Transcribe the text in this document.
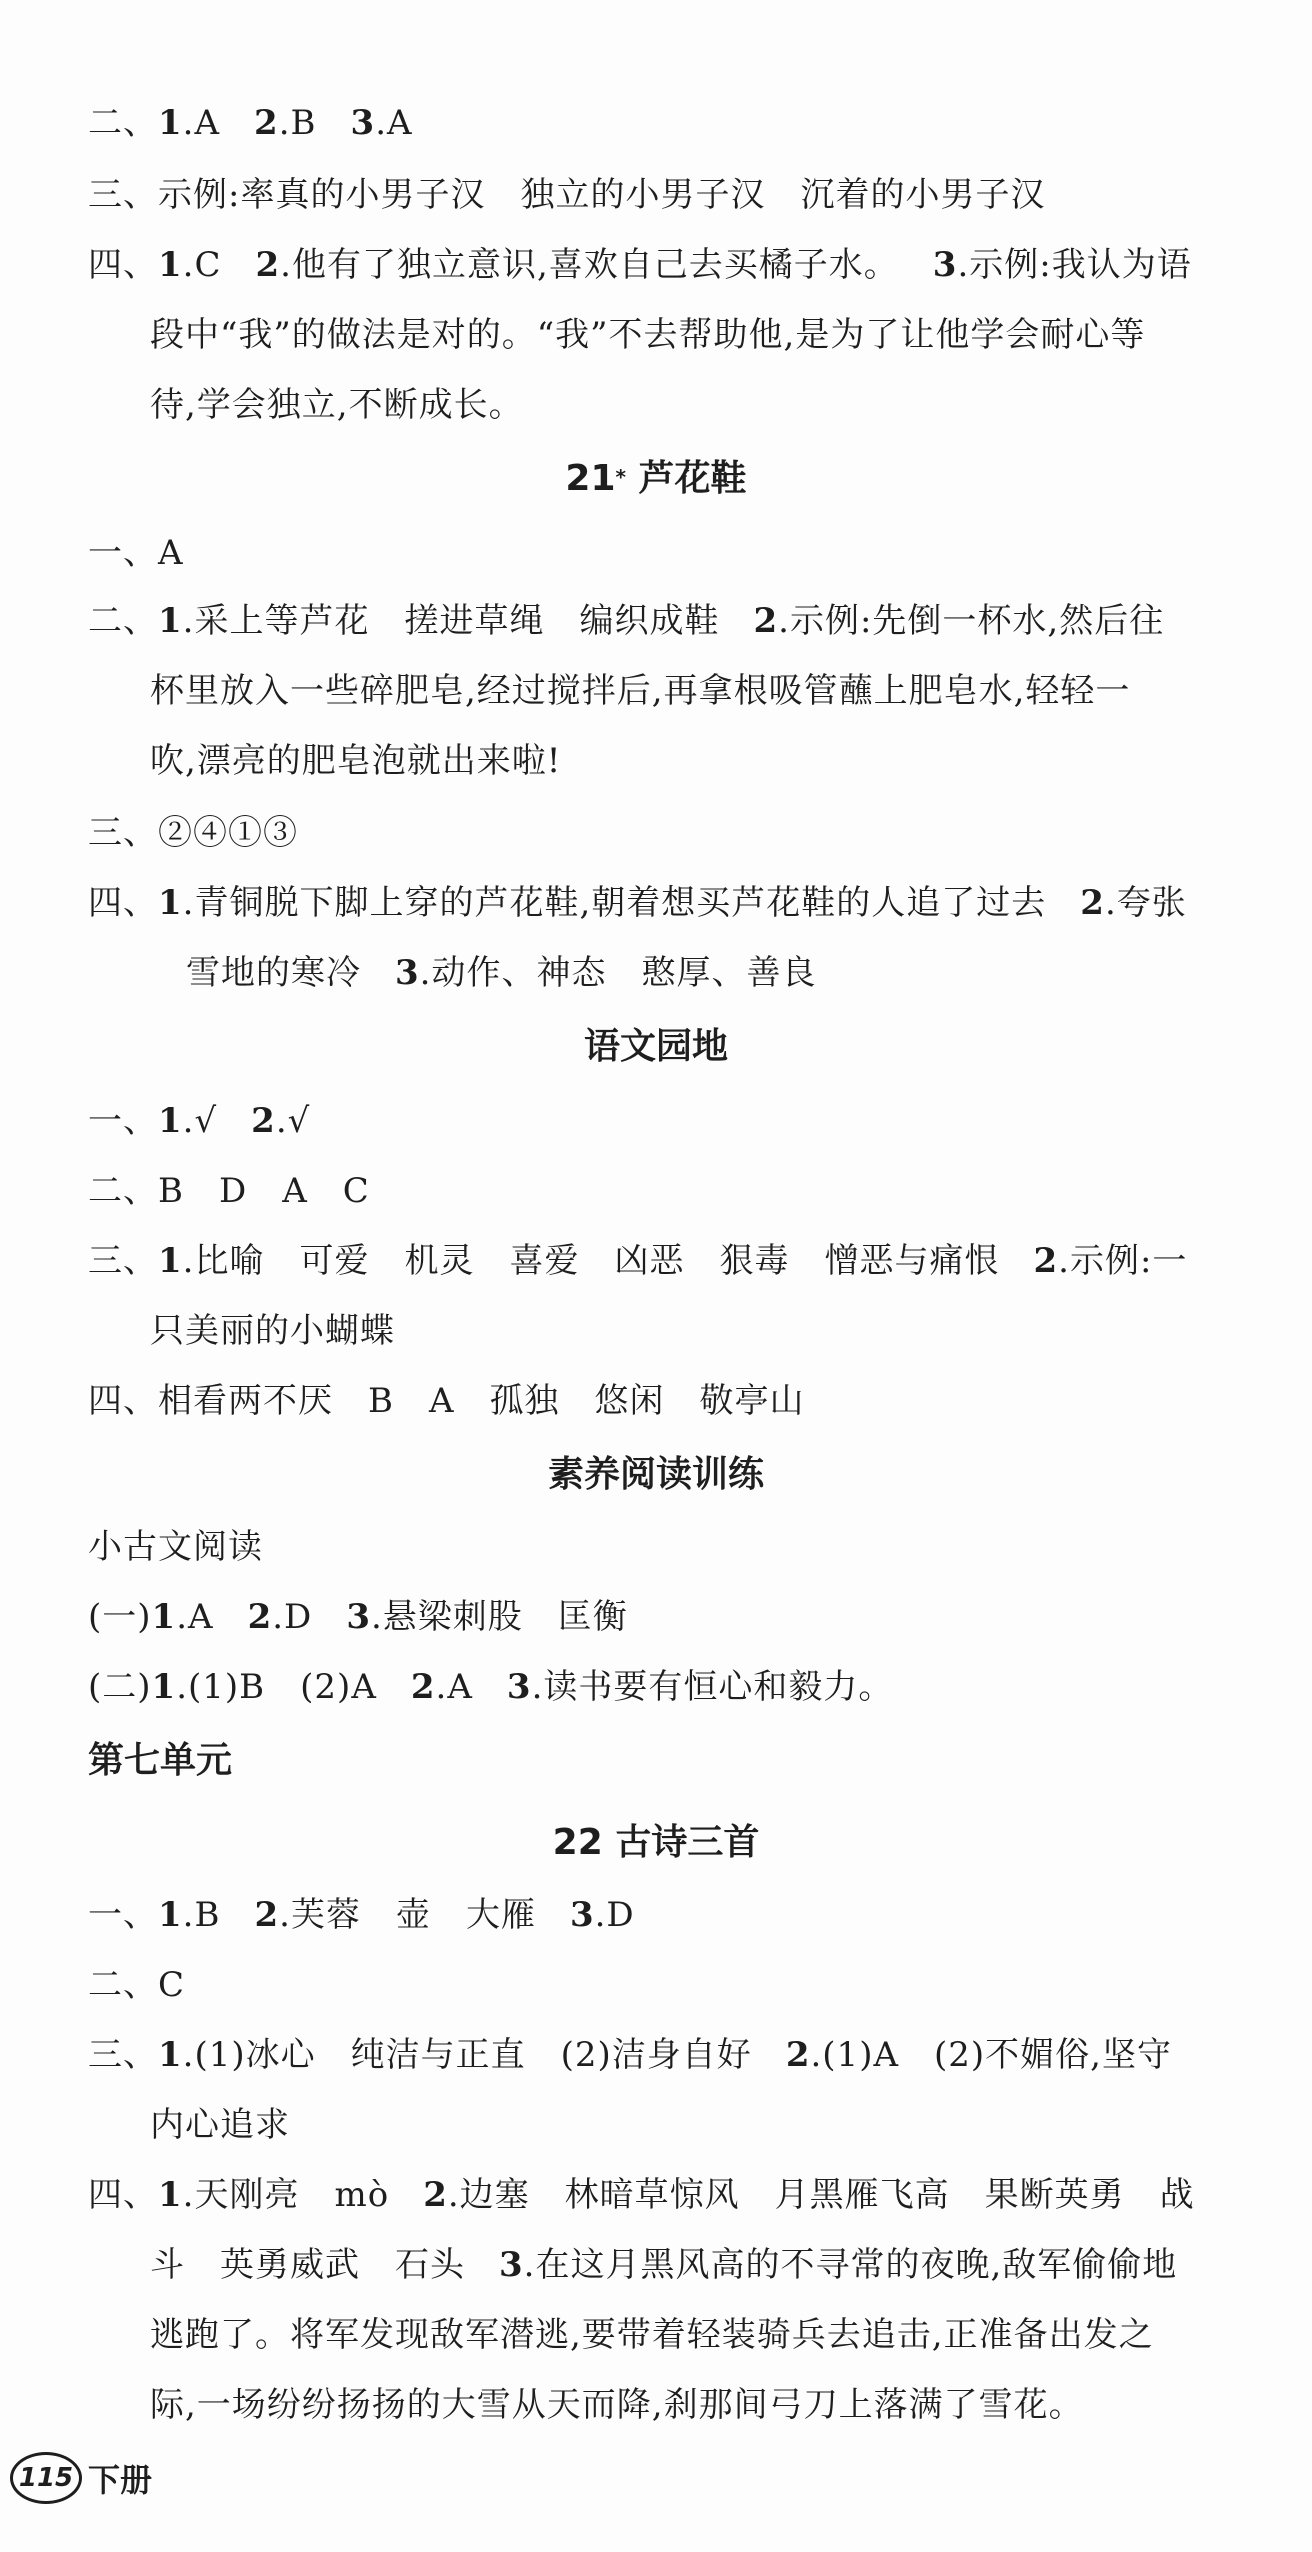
二、1.A 2.B 3.A
三、示例:率真的小男子汉　独立的小男子汉　沉着的小男子汉
四、1.C 2.他有了独立意识,喜欢自己去买橘子水。 3.示例:我认为语
段中“我”的做法是对的。“我”不去帮助他,是为了让他学会耐心等
待,学会独立,不断成长。
21* 芦花鞋
一、A
二、1.采上等芦花　搓进草绳　编织成鞋 2.示例:先倒一杯水,然后往
杯里放入一些碎肥皂,经过搅拌后,再拿根吸管蘸上肥皂水,轻轻一
吹,漂亮的肥皂泡就出来啦!
三、②④①③
四、1.青铜脱下脚上穿的芦花鞋,朝着想买芦花鞋的人追了过去 2.夸张
雪地的寒冷 3.动作、神态　憨厚、善良
语文园地
一、1.√ 2.√
二、B　D　A　C
三、1.比喻　可爱　机灵　喜爱　凶恶　狠毒　憎恶与痛恨 2.示例:一
只美丽的小蝴蝶
四、相看两不厌　B　A　孤独　悠闲　敬亭山
素养阅读训练
小古文阅读
(一)1.A 2.D 3.悬梁刺股　匡衡
(二)1.(1)B　(2)A 2.A 3.读书要有恒心和毅力。
第七单元
22 古诗三首
一、1.B 2.芙蓉　壶　大雁 3.D
二、C
三、1.(1)冰心　纯洁与正直　(2)洁身自好 2.(1)A　(2)不媚俗,坚守
内心追求
四、1.天刚亮　mò 2.边塞　林暗草惊风　月黑雁飞高　果断英勇　战
斗　英勇威武　石头 3.在这月黑风高的不寻常的夜晚,敌军偷偷地
逃跑了。将军发现敌军潜逃,要带着轻装骑兵去追击,正准备出发之
际,一场纷纷扬扬的大雪从天而降,刹那间弓刀上落满了雪花。
115 下册
